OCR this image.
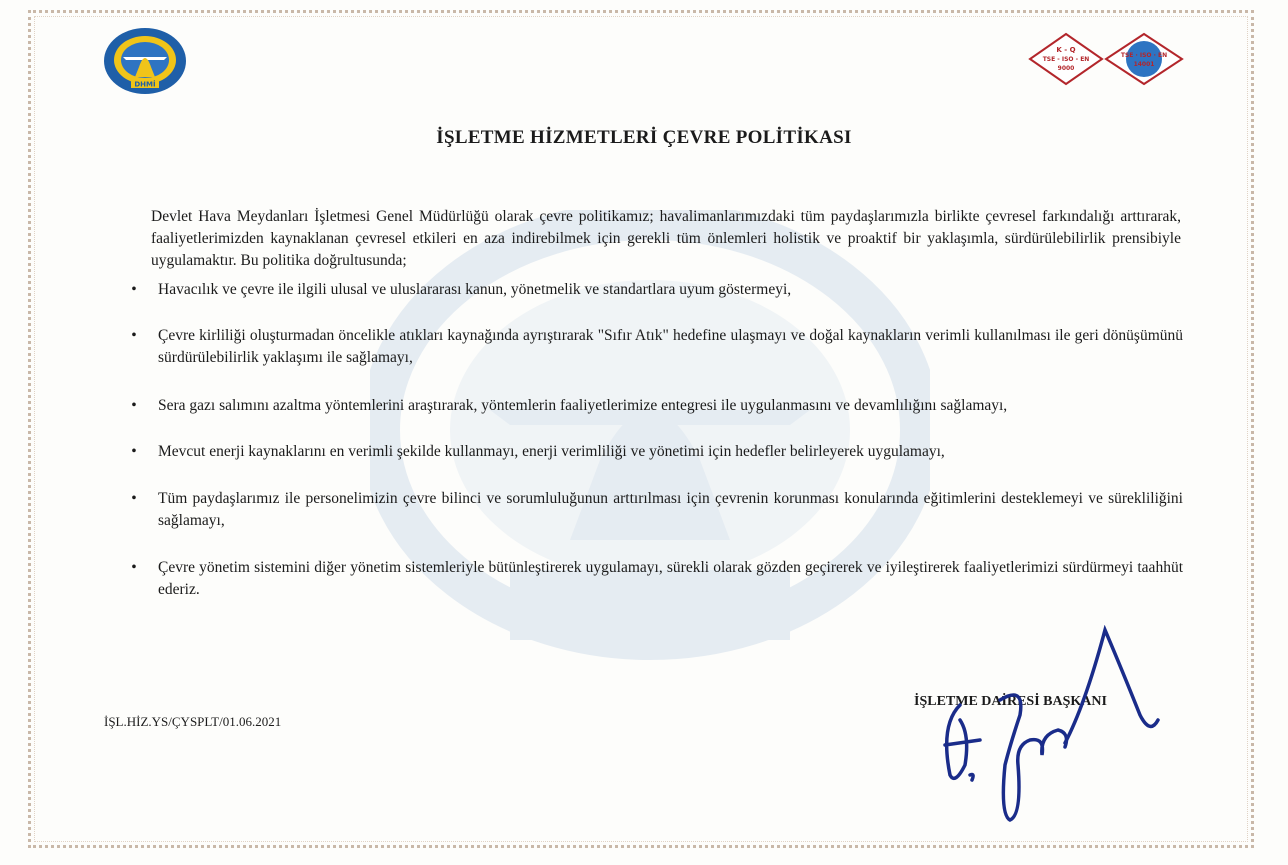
DHMİ
K - Q
TSE - ISO - EN
9000
TSE · ISO · EN
14001
İŞLETME HİZMETLERİ ÇEVRE POLİTİKASI

Devlet Hava Meydanları İşletmesi Genel Müdürlüğü olarak çevre politikamız; havalimanlarımızdaki tüm paydaşlarımızla birlikte çevresel farkındalığı arttırarak, faaliyetlerimizden kaynaklanan çevresel etkileri en aza indirebilmek için gerekli tüm önlemleri holistik ve proaktif bir yaklaşımla, sürdürülebilirlik prensibiyle uygulamaktır. Bu politika doğrultusunda;

• Havacılık ve çevre ile ilgili ulusal ve uluslararası kanun, yönetmelik ve standartlara uyum göstermeyi,
• Çevre kirliliği oluşturmadan öncelikle atıkları kaynağında ayrıştırarak "Sıfır Atık" hedefine ulaşmayı ve doğal kaynakların verimli kullanılması ile geri dönüşümünü sürdürülebilirlik yaklaşımı ile sağlamayı,
• Sera gazı salımını azaltma yöntemlerini araştırarak, yöntemlerin faaliyetlerimize entegresi ile uygulanmasını ve devamlılığını sağlamayı,
• Mevcut enerji kaynaklarını en verimli şekilde kullanmayı, enerji verimliliği ve yönetimi için hedefler belirleyerek uygulamayı,
• Tüm paydaşlarımız ile personelimizin çevre bilinci ve sorumluluğunun arttırılması için çevrenin korunması konularında eğitimlerini desteklemeyi ve sürekliliğini sağlamayı,
• Çevre yönetim sistemini diğer yönetim sistemleriyle bütünleştirerek uygulamayı, sürekli olarak gözden geçirerek ve iyileştirerek faaliyetlerimizi sürdürmeyi taahhüt ederiz.
İŞL.HİZ.YS/ÇYSPLT/01.06.2021
İŞLETME DAİRESİ BAŞKANI
